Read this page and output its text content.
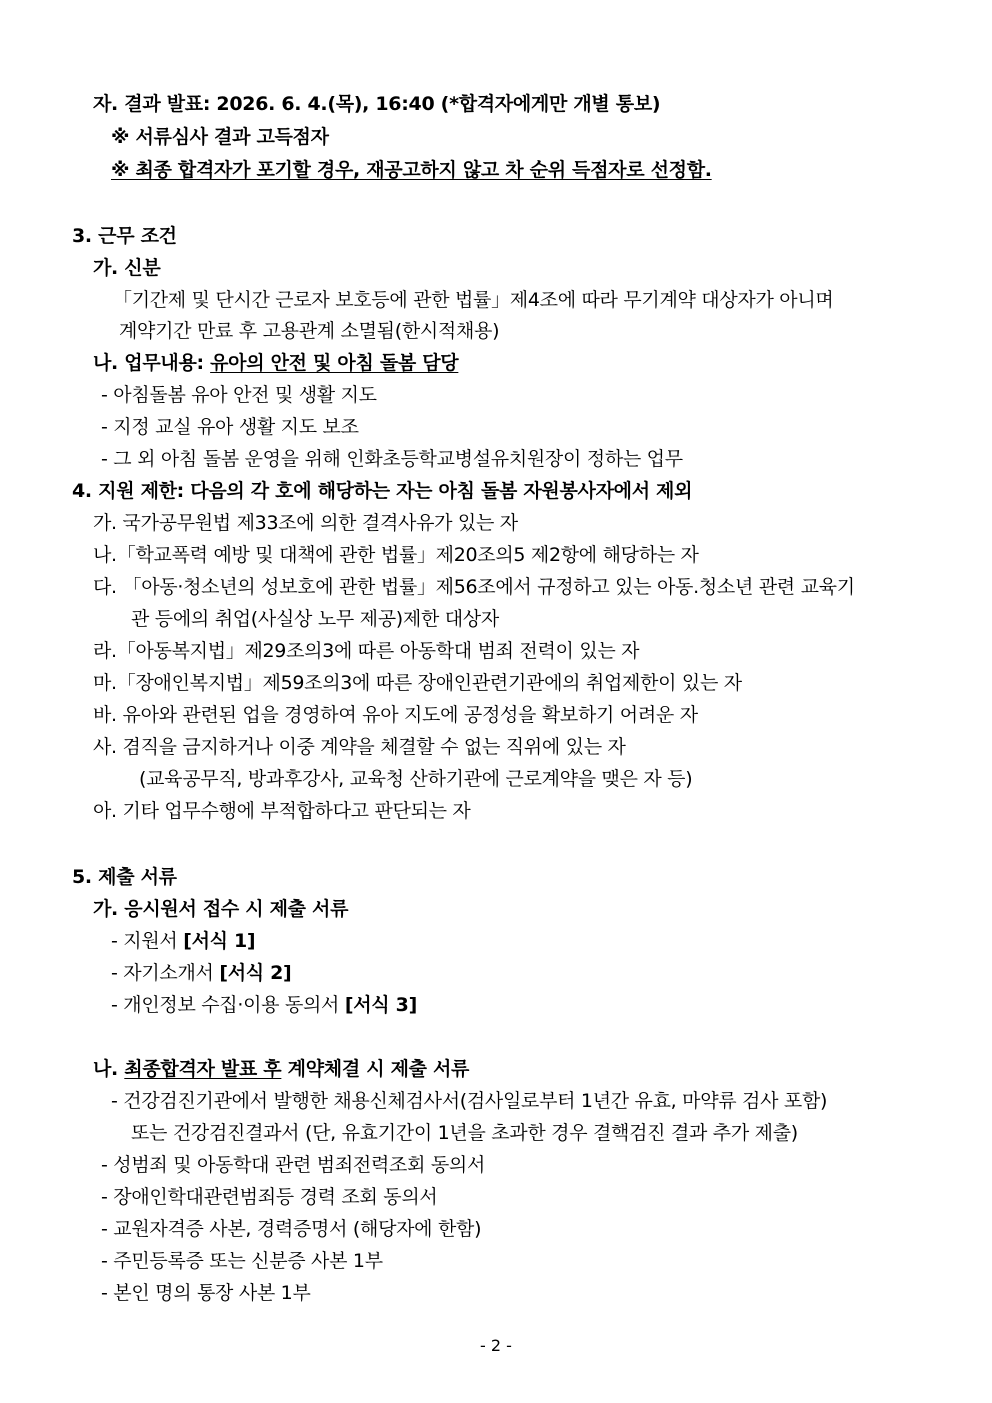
자. 결과 발표: 2026. 6. 4.(목), 16:40 (*합격자에게만 개별 통보)
※ 서류심사 결과 고득점자
※ 최종 합격자가 포기할 경우, 재공고하지 않고 차 순위 득점자로 선정함.
3. 근무 조건
가. 신분
「기간제 및 단시간 근로자 보호등에 관한 법률」제4조에 따라 무기계약 대상자가 아니며
계약기간 만료 후 고용관계 소멸됨(한시적채용)
나. 업무내용: 유아의 안전 및 아침 돌봄 담당
- 아침돌봄 유아 안전 및 생활 지도
- 지정 교실 유아 생활 지도 보조
- 그 외 아침 돌봄 운영을 위해 인화초등학교병설유치원장이 정하는 업무
4. 지원 제한: 다음의 각 호에 해당하는 자는 아침 돌봄 자원봉사자에서 제외
가. 국가공무원법 제33조에 의한 결격사유가 있는 자
나.「학교폭력 예방 및 대책에 관한 법률」제20조의5 제2항에 해당하는 자
다. 「아동·청소년의 성보호에 관한 법률」제56조에서 규정하고 있는 아동.청소년 관련 교육기
관 등에의 취업(사실상 노무 제공)제한 대상자
라.「아동복지법」제29조의3에 따른 아동학대 범죄 전력이 있는 자
마.「장애인복지법」제59조의3에 따른 장애인관련기관에의 취업제한이 있는 자
바. 유아와 관련된 업을 경영하여 유아 지도에 공정성을 확보하기 어려운 자
사. 겸직을 금지하거나 이중 계약을 체결할 수 없는 직위에 있는 자
(교육공무직, 방과후강사, 교육청 산하기관에 근로계약을 맺은 자 등)
아. 기타 업무수행에 부적합하다고 판단되는 자
5. 제출 서류
가. 응시원서 접수 시 제출 서류
- 지원서 [서식 1]
- 자기소개서 [서식 2]
- 개인정보 수집·이용 동의서 [서식 3]
나. 최종합격자 발표 후 계약체결 시 제출 서류
- 건강검진기관에서 발행한 채용신체검사서(검사일로부터 1년간 유효, 마약류 검사 포함)
또는 건강검진결과서 (단, 유효기간이 1년을 초과한 경우 결핵검진 결과 추가 제출)
- 성범죄 및 아동학대 관련 범죄전력조회 동의서
- 장애인학대관련범죄등 경력 조회 동의서
- 교원자격증 사본, 경력증명서 (해당자에 한함)
- 주민등록증 또는 신분증 사본 1부
- 본인 명의 통장 사본 1부
- 2 -
